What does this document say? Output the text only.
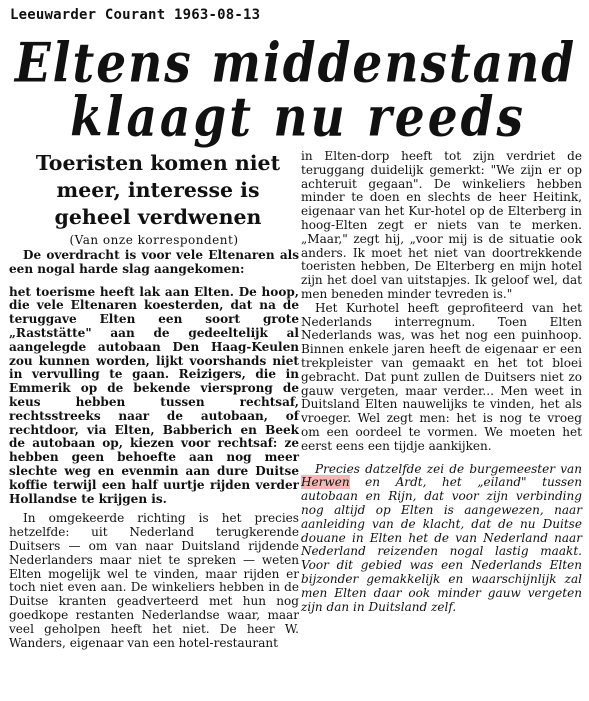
Leeuwarder Courant 1963-08-13
Eltens middenstand
klaagt nu reeds
Toeristen komen niet
meer, interesse is
geheel verdwenen
(Van onze korrespondent)

De overdracht is voor vele Eltenaren als een nogal harde slag aangekomen:

het toerisme heeft lak aan Elten. De hoop, die vele Eltenaren koesterden, dat na de teruggave Elten een soort grote „Raststätte" aan de gedeeltelijk al aangelegde autobaan Den Haag-Keulen zou kunnen worden, lijkt voorshands niet in vervulling te gaan. Reizigers, die in Emmerik op de bekende viersprong de keus hebben tussen rechtsaf, rechtsstreeks naar de autobaan, of rechtdoor, via Elten, Babberich en Beek de autobaan op, kiezen voor rechtsaf: ze hebben geen behoefte aan nog meer slechte weg en evenmin aan dure Duitse koffie terwijl een half uurtje rijden verder Hollandse te krijgen is.

In omgekeerde richting is het precies hetzelfde: uit Nederland terugkerende Duitsers — om van naar Duitsland rijdende Nederlanders maar niet te spreken — weten Elten mogelijk wel te vinden, maar rijden er toch niet even aan. De winkeliers hebben in de Duitse kranten geadverteerd met hun nog goedkope restanten Nederlandse waar, maar veel geholpen heeft het niet. De heer W. Wanders, eigenaar van een hotel-restaurant

in Elten-dorp heeft tot zijn verdriet de teruggang duidelijk gemerkt: "We zijn er op achteruit gegaan". De winkeliers hebben minder te doen en slechts de heer Heitink, eigenaar van het Kur-hotel op de Elterberg in hoog-Elten zegt er niets van te merken. „Maar," zegt hij, „voor mij is de situatie ook anders. Ik moet het niet van doortrekkende toeristen hebben, De Elterberg en mijn hotel zijn het doel van uitstapjes. Ik geloof wel, dat men beneden minder tevreden is."

Het Kurhotel heeft geprofiteerd van het Nederlands interregnum. Toen Elten Nederlands was, was het nog een puinhoop. Binnen enkele jaren heeft de eigenaar er een trekpleister van gemaakt en het tot bloei gebracht. Dat punt zullen de Duitsers niet zo gauw vergeten, maar verder... Men weet in Duitsland Elten nauwelijks te vinden, het als vroeger. Wel zegt men: het is nog te vroeg om een oordeel te vormen. We moeten het eerst eens een tijdje aankijken.

Precies datzelfde zei de burgemeester van Herwen en Ardt, het „eiland" tussen autobaan en Rijn, dat voor zijn verbinding nog altijd op Elten is aangewezen, naar aanleiding van de klacht, dat de nu Duitse douane in Elten het de van Nederland naar Nederland reizenden nogal lastig maakt. Voor dit gebied was een Nederlands Elten bijzonder gemakkelijk en waarschijnlijk zal men Elten daar ook minder gauw vergeten zijn dan in Duitsland zelf.
